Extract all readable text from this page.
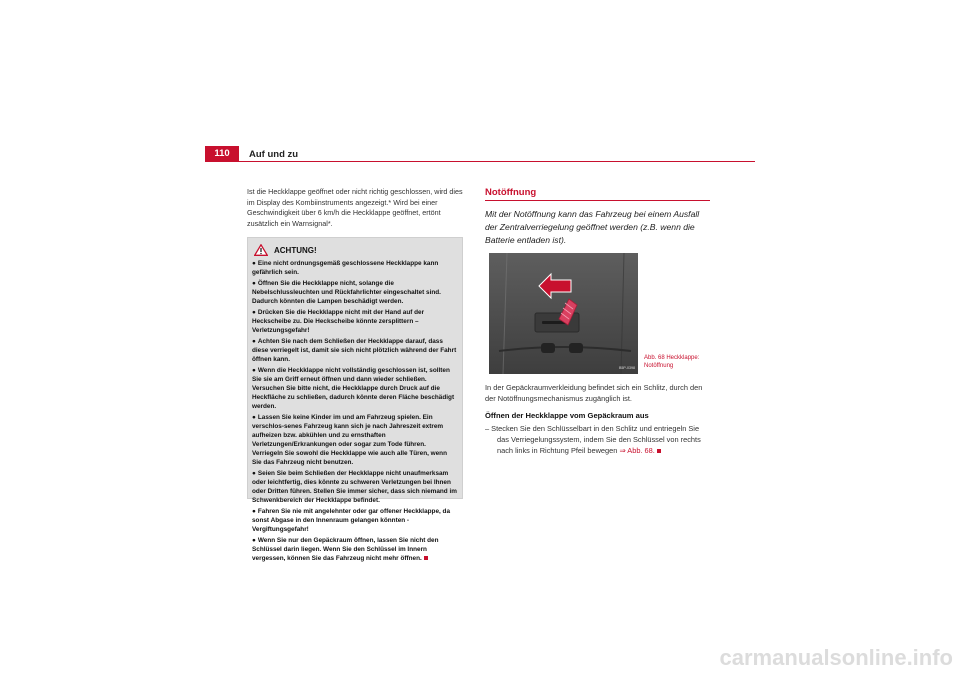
110	Auf und zu

Ist die Heckklappe geöffnet oder nicht richtig geschlossen, wird dies im Display des Kombiinstruments angezeigt.* Wird bei einer Geschwindigkeit über 6 km/h die Heckklappe geöffnet, ertönt zusätzlich ein Warnsignal*.

ACHTUNG!

● Eine nicht ordnungsgemäß geschlossene Heckklappe kann gefährlich sein.

● Öffnen Sie die Heckklappe nicht, solange die Nebelschlussleuchten und Rückfahrlichter eingeschaltet sind. Dadurch könnten die Lampen beschädigt werden.

● Drücken Sie die Heckklappe nicht mit der Hand auf der Heckscheibe zu. Die Heckscheibe könnte zersplittern – Verletzungsgefahr!

● Achten Sie nach dem Schließen der Heckklappe darauf, dass diese verriegelt ist, damit sie sich nicht plötzlich während der Fahrt öffnen kann.

● Wenn die Heckklappe nicht vollständig geschlossen ist, sollten Sie sie am Griff erneut öffnen und dann wieder schließen. Versuchen Sie bitte nicht, die Heckklappe durch Druck auf die Heckfläche zu schließen, dadurch könnte deren Fläche beschädigt werden.

● Lassen Sie keine Kinder im und am Fahrzeug spielen. Ein verschlos-senes Fahrzeug kann sich je nach Jahreszeit extrem aufheizen bzw. abkühlen und zu ernsthaften Verletzungen/Erkrankungen oder sogar zum Tode führen. Verriegeln Sie sowohl die Heckklappe wie auch alle Türen, wenn Sie das Fahrzeug nicht benutzen.

● Seien Sie beim Schließen der Heckklappe nicht unaufmerksam oder leichtfertig, dies könnte zu schweren Verletzungen bei Ihnen oder Dritten führen. Stellen Sie immer sicher, dass sich niemand im Schwenkbereich der Heckklappe befindet.

● Fahren Sie nie mit angelehnter oder gar offener Heckklappe, da sonst Abgase in den Innenraum gelangen könnten - Vergiftungsgefahr!

● Wenn Sie nur den Gepäckraum öffnen, lassen Sie nicht den Schlüssel darin liegen. Wenn Sie den Schlüssel im Innern vergessen, können Sie das Fahrzeug nicht mehr öffnen.

Notöffnung

Mit der Notöffnung kann das Fahrzeug bei einem Ausfall der Zentralverriegelung geöffnet werden (z.B. wenn die Batterie entladen ist).

B5P-0398
Abb. 68 Heckklappe:
Notöffnung

In der Gepäckraumverkleidung befindet sich ein Schlitz, durch den der Notöffnungsmechanismus zugänglich ist.

Öffnen der Heckklappe vom Gepäckraum aus

– Stecken Sie den Schlüsselbart in den Schlitz und entriegeln Sie das Verriegelungssystem, indem Sie den Schlüssel von rechts nach links in Richtung Pfeil bewegen ⇒ Abb. 68.

carmanualsonline.info
